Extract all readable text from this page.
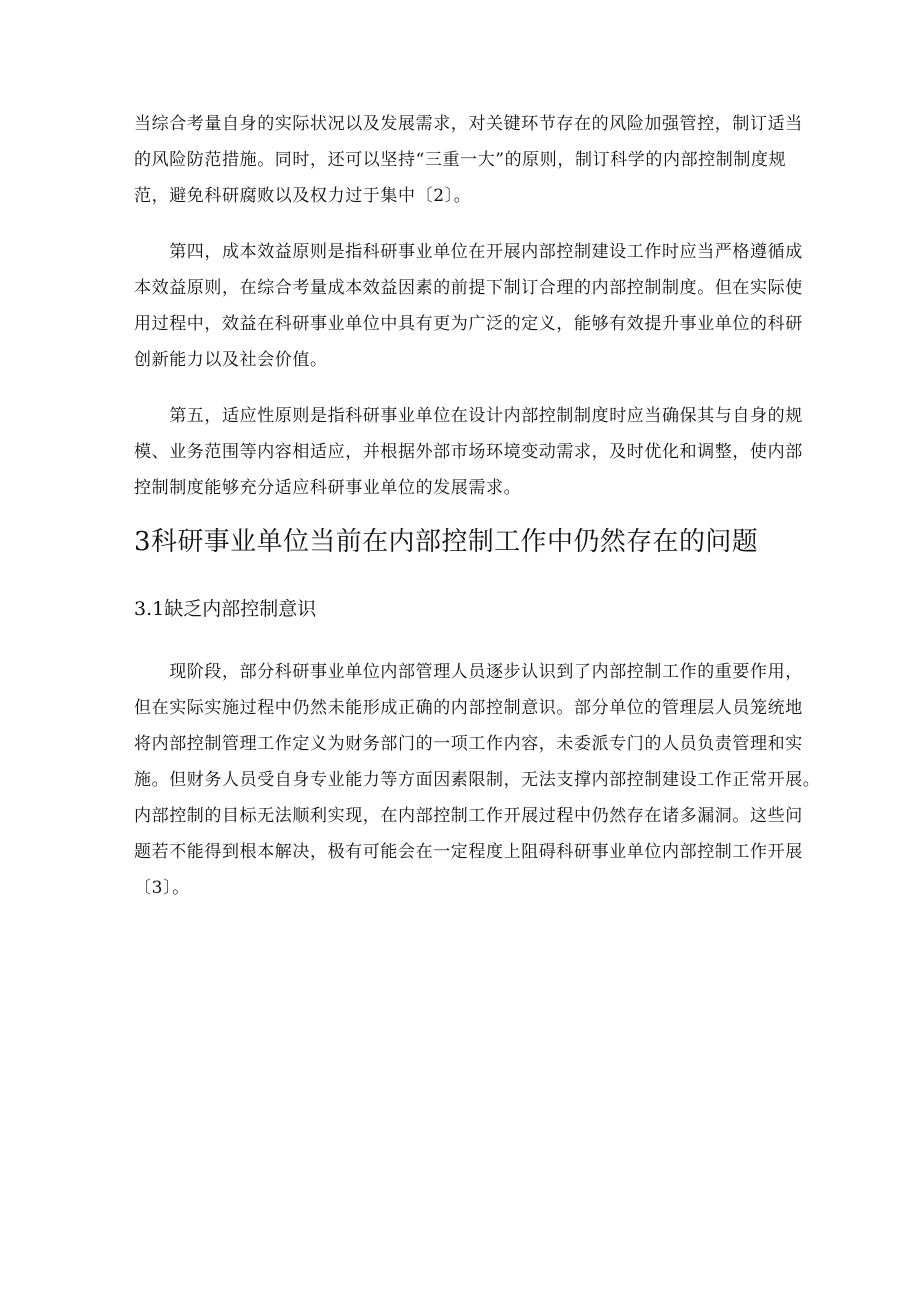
当综合考量自身的实际状况以及发展需求，对关键环节存在的风险加强管控，制订适当
的风险防范措施。同时，还可以坚持“三重一大”的原则，制订科学的内部控制制度规
范，避免科研腐败以及权力过于集中〔2〕。

　　第四，成本效益原则是指科研事业单位在开展内部控制建设工作时应当严格遵循成
本效益原则，在综合考量成本效益因素的前提下制订合理的内部控制制度。但在实际使
用过程中，效益在科研事业单位中具有更为广泛的定义，能够有效提升事业单位的科研
创新能力以及社会价值。

　　第五，适应性原则是指科研事业单位在设计内部控制制度时应当确保其与自身的规
模、业务范围等内容相适应，并根据外部市场环境变动需求，及时优化和调整，使内部
控制制度能够充分适应科研事业单位的发展需求。

3科研事业单位当前在内部控制工作中仍然存在的问题
3.1缺乏内部控制意识

　　现阶段，部分科研事业单位内部管理人员逐步认识到了内部控制工作的重要作用，
但在实际实施过程中仍然未能形成正确的内部控制意识。部分单位的管理层人员笼统地
将内部控制管理工作定义为财务部门的一项工作内容，未委派专门的人员负责管理和实
施。但财务人员受自身专业能力等方面因素限制，无法支撑内部控制建设工作正常开展。
内部控制的目标无法顺利实现，在内部控制工作开展过程中仍然存在诸多漏洞。这些问
题若不能得到根本解决，极有可能会在一定程度上阻碍科研事业单位内部控制工作开展
〔3〕。
